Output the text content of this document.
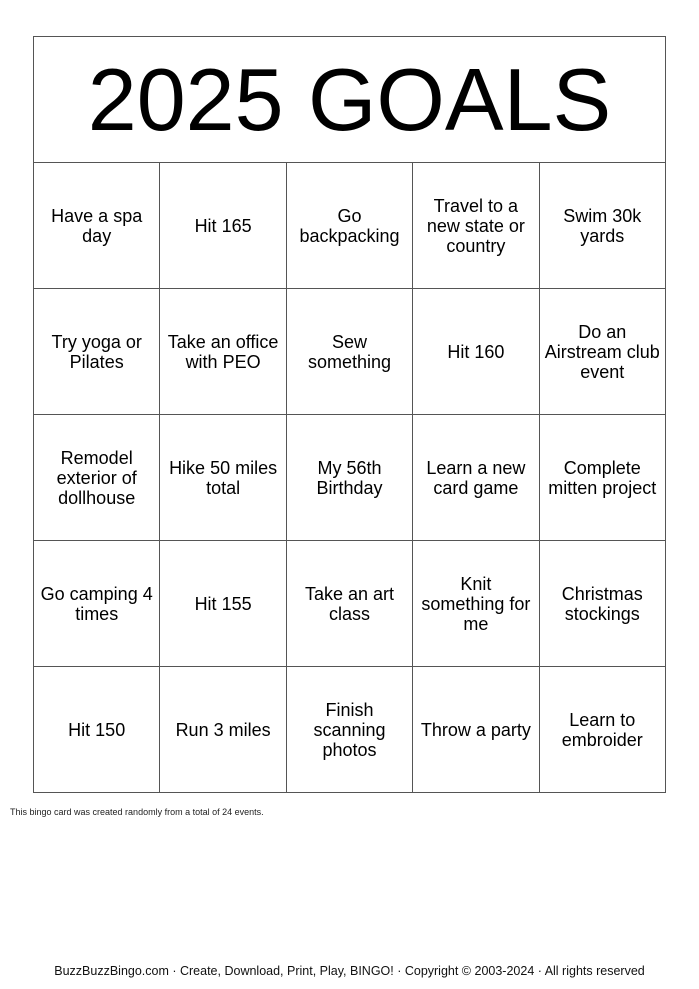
2025 GOALS				
Have a spa day	Hit 165	Go backpacking	Travel to a new state or country	Swim 30k yards
Try yoga or Pilates	Take an office with PEO	Sew something	Hit 160	Do an Airstream club event
Remodel exterior of dollhouse	Hike 50 miles total	My 56th Birthday	Learn a new card game	Complete mitten project
Go camping 4 times	Hit 155	Take an art class	Knit something for me	Christmas stockings
Hit 150	Run 3 miles	Finish scanning photos	Throw a party	Learn to embroider
This bingo card was created randomly from a total of 24 events.
BuzzBuzzBingo.com · Create, Download, Print, Play, BINGO! · Copyright © 2003-2024 · All rights reserved
